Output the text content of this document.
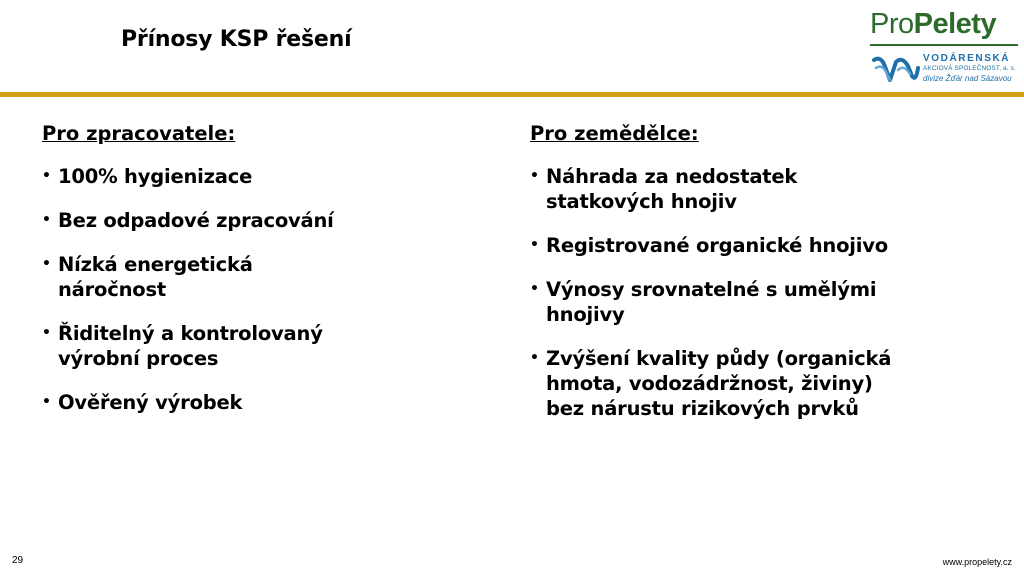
Přínosy KSP řešení	ProPelety
VODÁRENSKÁ
AKCIOVÁ SPOLEČNOST, a. s.
divize Žďár nad Sázavou
Pro zpracovatele:
• 100% hygienizace
• Bez odpadové zpracování
• Nízká energetická náročnost
• Řiditelný a kontrolovaný výrobní proces
• Ověřený výrobek
Pro zemědělce:
• Náhrada za nedostatek statkových hnojiv
• Registrované organické hnojivo
• Výnosy srovnatelné s umělými hnojivy
• Zvýšení kvality půdy (organická hmota, vodozádržnost, živiny) bez nárustu rizikových prvků
29	www.propelety.cz
